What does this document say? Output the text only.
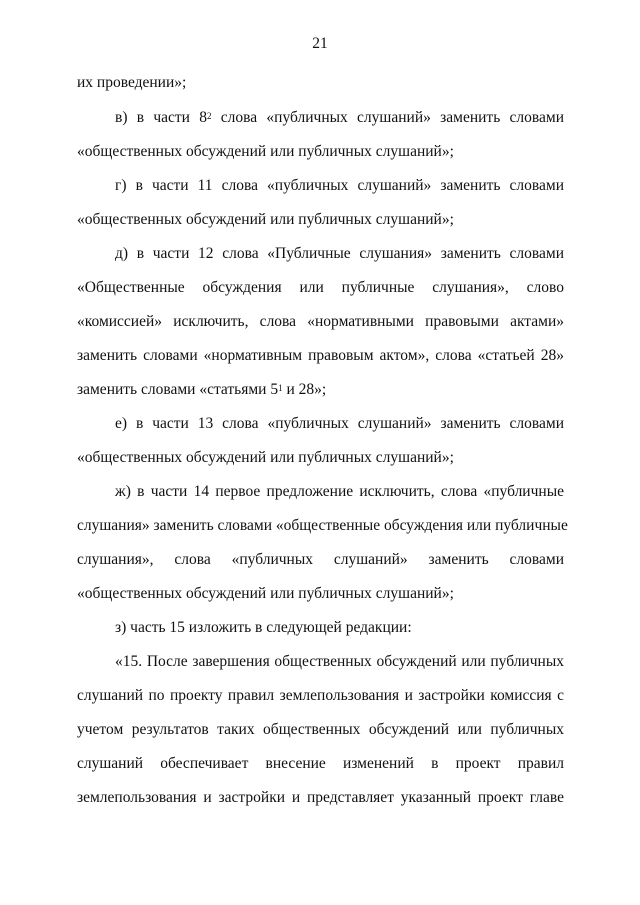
21
их проведении»;
в) в части $8^2$ слова «публичных слушаний» заменить словами
«общественных обсуждений или публичных слушаний»;
г) в части 11 слова «публичных слушаний» заменить словами
«общественных обсуждений или публичных слушаний»;
д) в части 12 слова «Публичные слушания» заменить словами
«Общественные обсуждения или публичные слушания», слово
«комиссией» исключить, слова «нормативными правовыми актами»
заменить словами «нормативным правовым актом», слова «статьей 28»
заменить словами «статьями $5^1$ и 28»;
е) в части 13 слова «публичных слушаний» заменить словами
«общественных обсуждений или публичных слушаний»;
ж) в части 14 первое предложение исключить, слова «публичные
слушания» заменить словами «общественные обсуждения или публичные
слушания», слова «публичных слушаний» заменить словами
«общественных обсуждений или публичных слушаний»;
з) часть 15 изложить в следующей редакции:
«15. После завершения общественных обсуждений или публичных
слушаний по проекту правил землепользования и застройки комиссия с
учетом результатов таких общественных обсуждений или публичных
слушаний обеспечивает внесение изменений в проект правил
землепользования и застройки и представляет указанный проект главе
